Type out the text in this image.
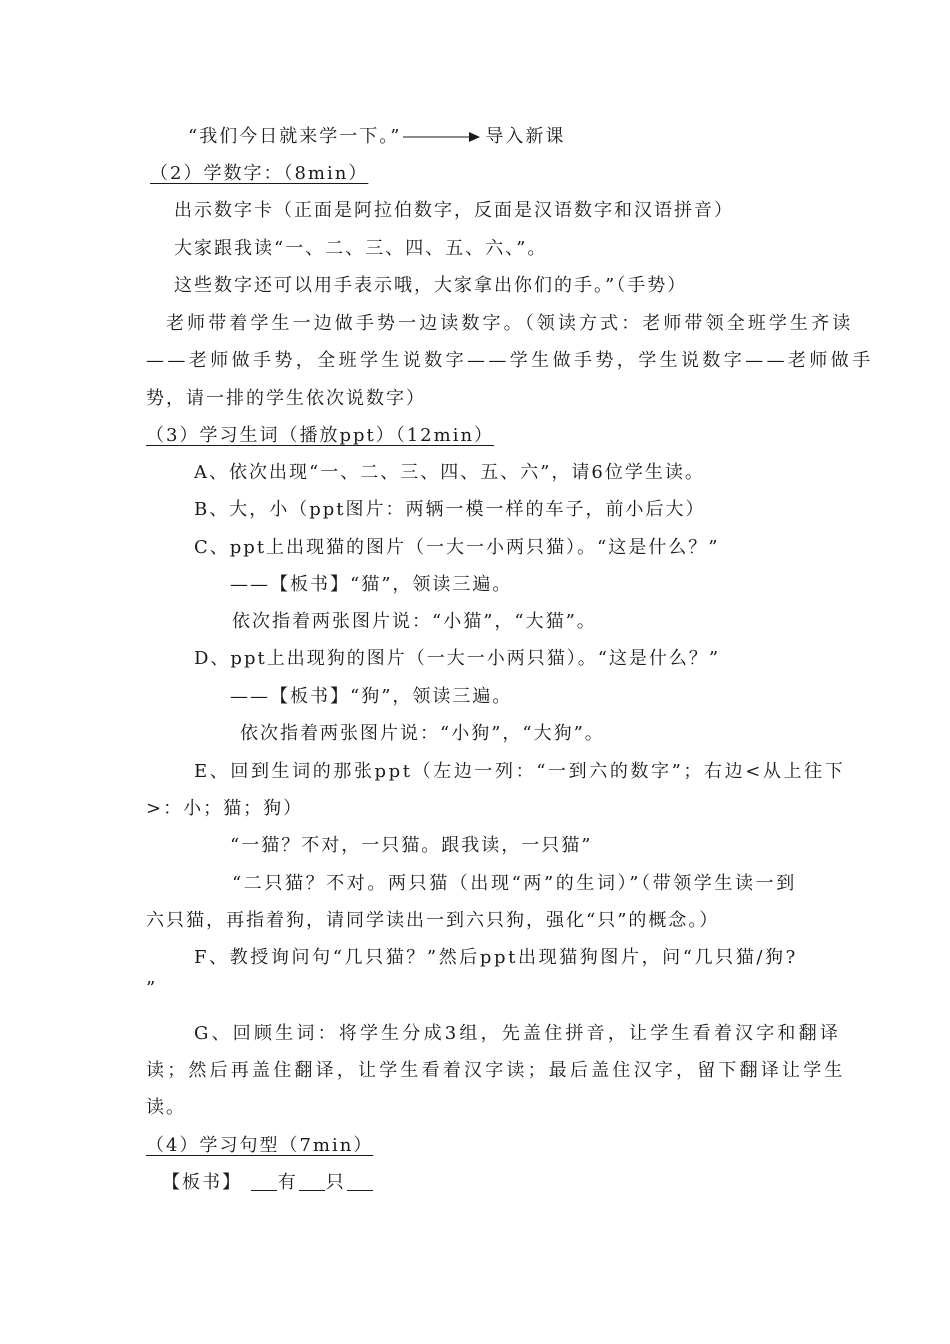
“我们今日就来学一下。”	导入新课
（2）学数字：（8min）
出示数字卡（正面是阿拉伯数字，反面是汉语数字和汉语拼音）
大家跟我读“一、二、三、四、五、六、”。
这些数字还可以用手表示哦，大家拿出你们的手。”（手势）
老师带着学生一边做手势一边读数字。（领读方式：老师带领全班学生齐读
——老师做手势，全班学生说数字——学生做手势，学生说数字——老师做手
势，请一排的学生依次说数字）
（3）学习生词（播放ppt）（12min）
A、依次出现“一、二、三、四、五、六”，请6位学生读。
B、大，小（ppt图片：两辆一模一样的车子，前小后大）
C、ppt上出现猫的图片（一大一小两只猫）。“这是什么？”
——【板书】“猫”，领读三遍。
依次指着两张图片说：“小猫”，“大猫”。
D、ppt上出现狗的图片（一大一小两只猫）。“这是什么？”
——【板书】“狗”，领读三遍。
依次指着两张图片说：“小狗”，“大狗”。
E、回到生词的那张ppt（左边一列：“一到六的数字”；右边<从上往下
>：小；猫；狗）
“一猫？不对，一只猫。跟我读，一只猫”
“二只猫？不对。两只猫（出现“两”的生词）”（带领学生读一到
六只猫，再指着狗，请同学读出一到六只狗，强化“只”的概念。）
F、教授询问句“几只猫？”然后ppt出现猫狗图片，问“几只猫/狗?
”
G、回顾生词：将学生分成3组，先盖住拼音，让学生看着汉字和翻译
读；然后再盖住翻译，让学生看着汉字读；最后盖住汉字，留下翻译让学生
读。
（4）学习句型（7min）
【板书】 有 只
